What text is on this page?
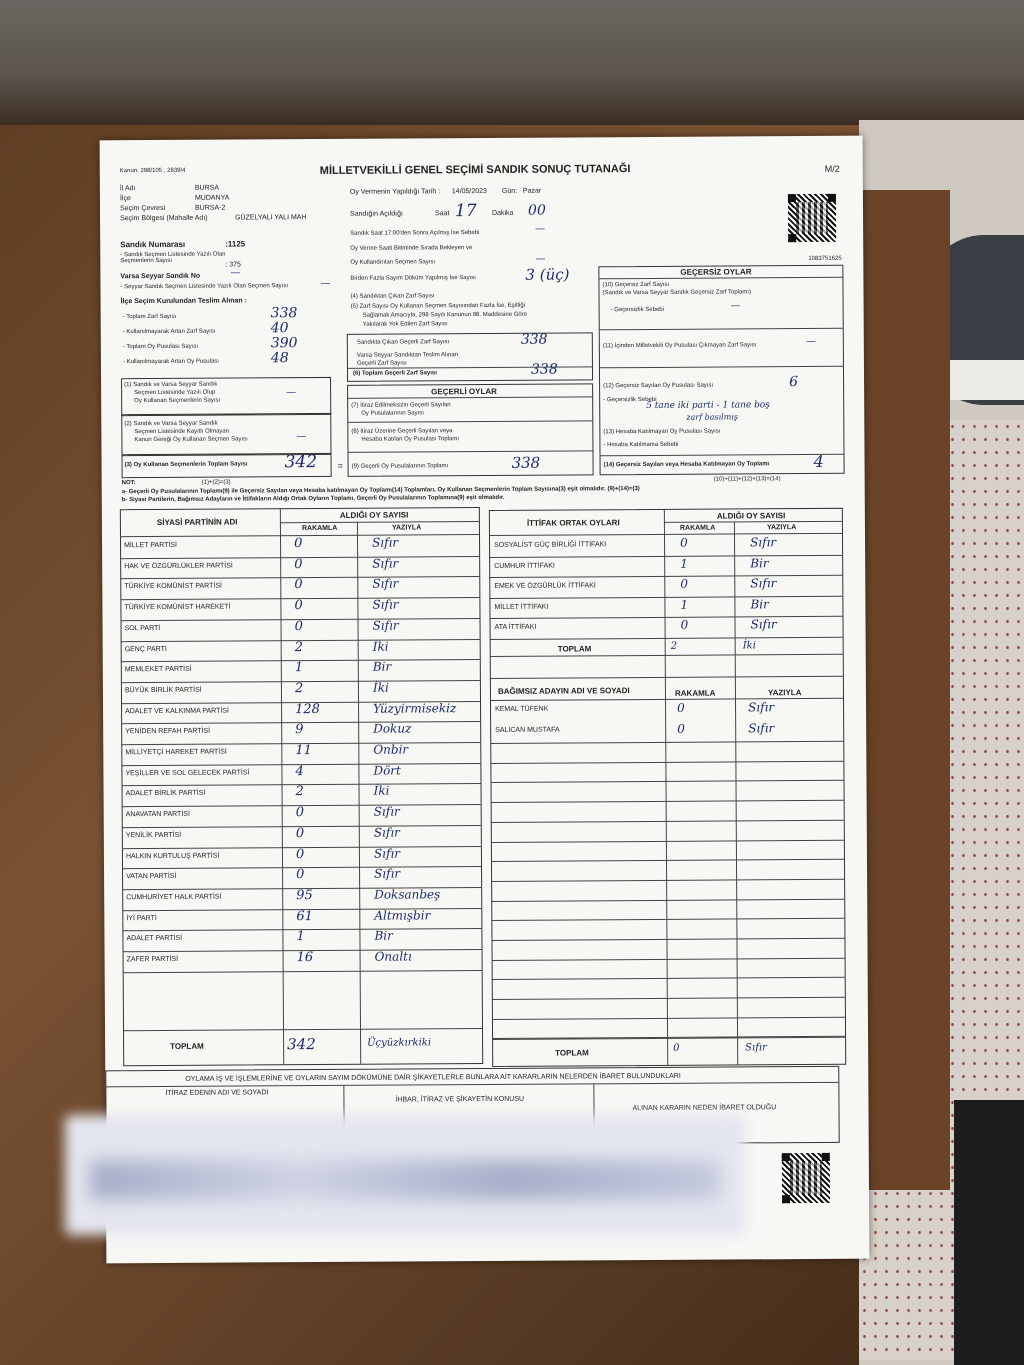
Kanun: 298/105 , 2839/4	MİLLETVEKİLLİ GENEL SEÇİMİ SANDIK SONUÇ TUTANAĞI	M/2
1083751625
İl Adı	BURSA
İlçe	MUDANYA
Seçim Çevresi	BURSA-2
Seçim Bölgesi (Mahalle Adı)	GÜZELYALI YALI MAH
Oy Vermenin Yapıldığı Tarih : 14/05/2023 Gün: Pazar
Sandığın Açıldığı	Saat 17 Dakika 00
Sandık Numarası	:1125
- Sandık Seçmen Listesinde Yazılı Olan Seçmenlerin Sayısı
: 375
Varsa Seyyar Sandık No	—
- Seyyar Sandık Seçmen Listesinde Yazılı Olan Seçmen Sayısı	—
Sandık Saat 17:00'den Sonra Açılmış İse Sebebi	—
Oy Verme Saati Bitiminde Sırada Bekleyen ve
Oy Kullandırılan Seçmen Sayısı	—
Birden Fazla Sayım Döküm Yapılmış İse Sayısı	3 (üç)	GEÇERSİZ OYLAR
(10) Geçersiz Zarf Sayısı
(Sandık ve Varsa Seyyar Sandık Geçersiz Zarf Toplamı)
- Geçersizlik Sebebi	—
(11) İçinden Milletvekili Oy Pusulası Çıkmayan Zarf Sayısı	—
(12) Geçersiz Sayılan Oy Pusulası Sayısı	6
- Geçersizlik Sebebi
5 tane iki parti - 1 tane boş
zarf basılmış
(13) Hesaba Katılmayan Oy Pusulası Sayısı
- Hesaba Katılmama Sebebi
(14) Geçersiz Sayılan veya Hesaba Katılmayan Oy Toplamı	4
(10)+(11)+(12)+(13)=(14)
İlçe Seçim Kurulundan Teslim Alınan :
- Toplam Zarf Sayısı	338
- Kullanılmayarak Artan Zarf Sayısı	40
- Toplam Oy Pusulası Sayısı	390
- Kullanılmayarak Artan Oy Pusulası	48
(4) Sandıktan Çıkan Zarf Sayısı
(5) Zarf Sayısı Oy Kullanan Seçmen Sayısından Fazla İse, Eşitliği
Sağlamak Amacıyla, 298 Sayılı Kanunun 98. Maddesine Göre
Yakılarak Yok Edilen Zarf Sayısı
Sandıkta Çıkan Geçerli Zarf Sayısı	338
Varsa Seyyar Sandıktan Teslim Alınan
Geçerli Zarf Sayısı
(6) Toplam Geçerli Zarf Sayısı	338
(1) Sandık ve Varsa Seyyar Sandık
Seçmen Listesinde Yazılı Olup
Oy Kullanan Seçmenlerin Sayısı
—
(2) Sandık ve Varsa Seyyar Sandık
Seçmen Listesinde Kayıtlı Olmayan
Kanun Gereği Oy Kullanan Seçmen Sayısı	—
(3) Oy Kullanan Seçmenlerin Toplam Sayısı 342 =
GEÇERLİ OYLAR
(7) İtiraz Edilmeksizin Geçerli Sayılan
Oy Pusulalarının Sayısı
(8) İtiraz Üzerine Geçerli Sayılan veya
Hesaba Katılan Oy Pusulası Toplamı
(9) Geçerli Oy Pusulalarının Toplamı	338
NOT:	(1)+(2)=(3)
a- Geçerli Oy Pusulalarının Toplamı(9) ile Geçersiz Sayılan veya Hesaba katılmayan Oy Toplamı(14) Toplamları, Oy Kullanan Seçmenlerin Toplam Sayısına(3) eşit olmalıdır. (9)+(14)=(3)
b- Siyasi Partilerin, Bağımsız Adayların ve İttifakların Aldığı Ortak Oyların Toplamı, Geçerli Oy Pusulalarının Toplamına(9) eşit olmalıdır.
SİYASİ PARTİNİN ADI
ALDIĞI OY SAYISI
RAKAMLA	YAZIYLA
MİLLET PARTİSİ	0	Sıfır
HAK VE ÖZGÜRLÜKLER PARTİSİ	0	Sıfır
TÜRKİYE KOMÜNİST PARTİSİ	0	Sıfır
TÜRKİYE KOMÜNİST HAREKETİ	0	Sıfır
SOL PARTİ	0	Sıfır
GENÇ PARTİ	2	İki
MEMLEKET PARTİSİ	1	Bir
BÜYÜK BİRLİK PARTİSİ	2	İki
ADALET VE KALKINMA PARTİSİ	128	Yüzyirmisekiz
YENİDEN REFAH PARTİSİ	9	Dokuz
MİLLİYETÇİ HAREKET PARTİSİ	11	Onbir
YEŞİLLER VE SOL GELECEK PARTİSİ	4	Dört
ADALET BİRLİK PARTİSİ	2	İki
ANAVATAN PARTİSİ	0	Sıfır
YENİLİK PARTİSİ	0	Sıfır
HALKIN KURTULUŞ PARTİSİ	0	Sıfır
VATAN PARTİSİ	0	Sıfır
CUMHURİYET HALK PARTİSİ	95	Doksanbeş
İYİ PARTİ	61	Altmışbir
ADALET PARTİSİ	1	Bir
ZAFER PARTİSİ	16	Onaltı
TOPLAM	342	Üçyüzkırkiki
İTTİFAK ORTAK OYLARI
ALDIĞI OY SAYISI
RAKAMLA	YAZIYLA
SOSYALİST GÜÇ BİRLİĞİ İTTİFAKI	0	Sıfır
CUMHUR İTTİFAKI	1	Bir
EMEK VE ÖZGÜRLÜK İTTİFAKI	0	Sıfır
MİLLET İTTİFAKI	1	Bir
ATA İTTİFAKI	0	Sıfır
TOPLAM	2	İki
BAĞIMSIZ ADAYIN ADI VE SOYADI	RAKAMLA	YAZIYLA
KEMAL TÜFENK	0	Sıfır
SALİCAN MUSTAFA	0	Sıfır
TOPLAM	0	Sıfır
OYLAMA İŞ VE İŞLEMLERİNE VE OYLARIN SAYIM DÖKÜMÜNE DAİR ŞİKAYETLERLE BUNLARA AİT KARARLARIN NELERDEN İBARET BULUNDUKLARI
İTİRAZ EDENİN ADI VE SOYADI
İHBAR, İTİRAZ VE ŞİKAYETİN KONUSU
ALINAN KARARIN NEDEN İBARET OLDUĞU
